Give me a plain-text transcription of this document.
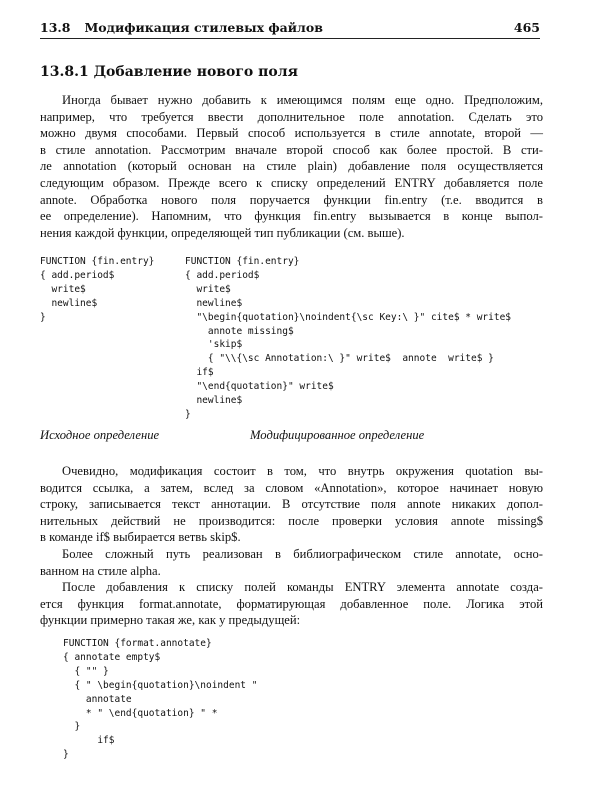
13.8 Модификация стилевых файлов	465
13.8.1 Добавление нового поля
Иногда бывает нужно добавить к имеющимся полям еще одно. Предположим,
например, что требуется ввести дополнительное поле annotation. Сделать это
можно двумя способами. Первый способ используется в стиле annotate, второй —
в стиле annotation. Рассмотрим вначале второй способ как более простой. В сти-
ле annotation (который основан на стиле plain) добавление поля осуществляется
следующим образом. Прежде всего к списку определений ENTRY добавляется поле
annote. Обработка нового поля поручается функции fin.entry (т.е. вводится в
ее определение). Напомним, что функция fin.entry вызывается в конце выпол-
нения каждой функции, определяющей тип публикации (см. выше).
FUNCTION {fin.entry}
{ add.period$
write$
newline$
}
FUNCTION {fin.entry}
{ add.period$
write$
newline$
"\begin{quotation}\noindent{\sc Key:\ }" cite$ * write$
annote missing$
'skip$
{ "\\{\sc Annotation:\ }" write$  annote  write$ }
if$
"\end{quotation}" write$
newline$
}
Исходное определение	Модифицированное определение
Очевидно, модификация состоит в том, что внутрь окружения quotation вы-
водится ссылка, а затем, вслед за словом «Annotation», которое начинает новую
строку, записывается текст аннотации. В отсутствие поля annote никаких допол-
нительных действий не производится: после проверки условия annote missing$
в команде if$ выбирается ветвь skip$.
Более сложный путь реализован в библиографическом стиле annotate, осно-
ванном на стиле alpha.
После добавления к списку полей команды ENTRY элемента annotate созда-
ется функция format.annotate, форматирующая добавленное поле. Логика этой
функции примерно такая же, как у предыдущей:
FUNCTION {format.annotate}
{ annotate empty$
{ "" }
{ " \begin{quotation}\noindent "
annotate
* " \end{quotation} " *
}
if$
}
